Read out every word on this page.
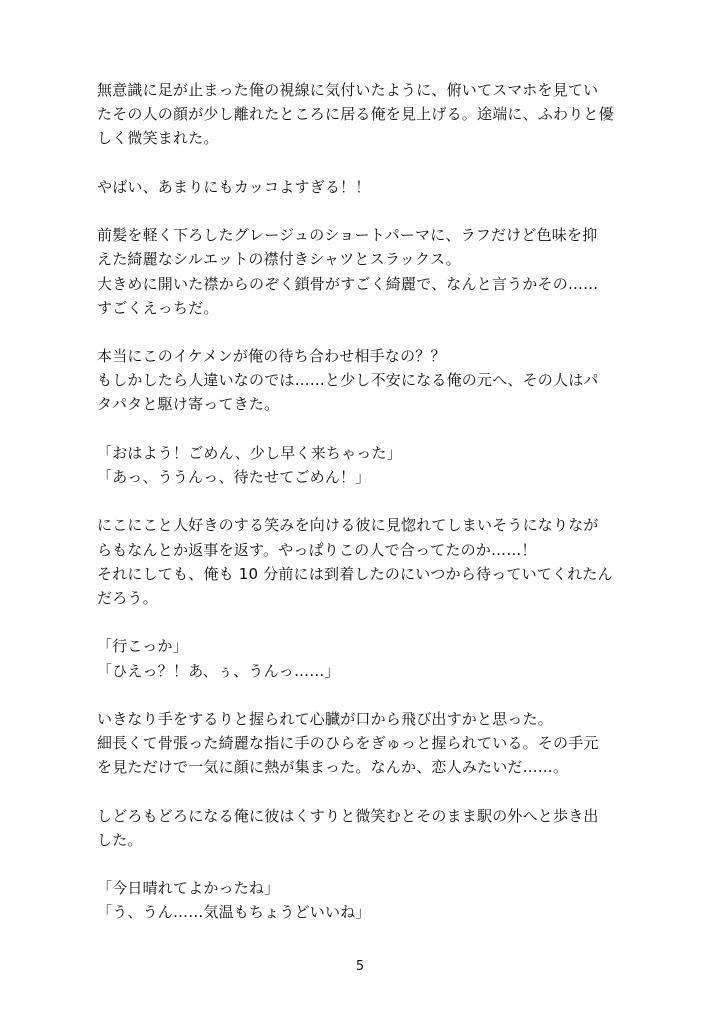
無意識に足が止まった俺の視線に気付いたように、俯いてスマホを見てい
たその人の顔が少し離れたところに居る俺を見上げる。途端に、ふわりと優
しく微笑まれた。
やばい、あまりにもカッコよすぎる！！
前髪を軽く下ろしたグレージュのショートパーマに、ラフだけど色味を抑
えた綺麗なシルエットの襟付きシャツとスラックス。
大きめに開いた襟からのぞく鎖骨がすごく綺麗で、なんと言うかその……
すごくえっちだ。
本当にこのイケメンが俺の待ち合わせ相手なの？？
もしかしたら人違いなのでは……と少し不安になる俺の元へ、その人はパ
タパタと駆け寄ってきた。
「おはよう！ごめん、少し早く来ちゃった」
「あっ、ううんっ、待たせてごめん！」
にこにこと人好きのする笑みを向ける彼に見惚れてしまいそうになりなが
らもなんとか返事を返す。やっぱりこの人で合ってたのか……！
それにしても、俺も 10 分前には到着したのにいつから待っていてくれたん
だろう。
「行こっか」
「ひえっ？！あ、ぅ、うんっ……」
いきなり手をするりと握られて心臓が口から飛び出すかと思った。
細長くて骨張った綺麗な指に手のひらをぎゅっと握られている。その手元
を見ただけで一気に顔に熱が集まった。なんか、恋人みたいだ……。
しどろもどろになる俺に彼はくすりと微笑むとそのまま駅の外へと歩き出
した。
「今日晴れてよかったね」
「う、うん……気温もちょうどいいね」
5
